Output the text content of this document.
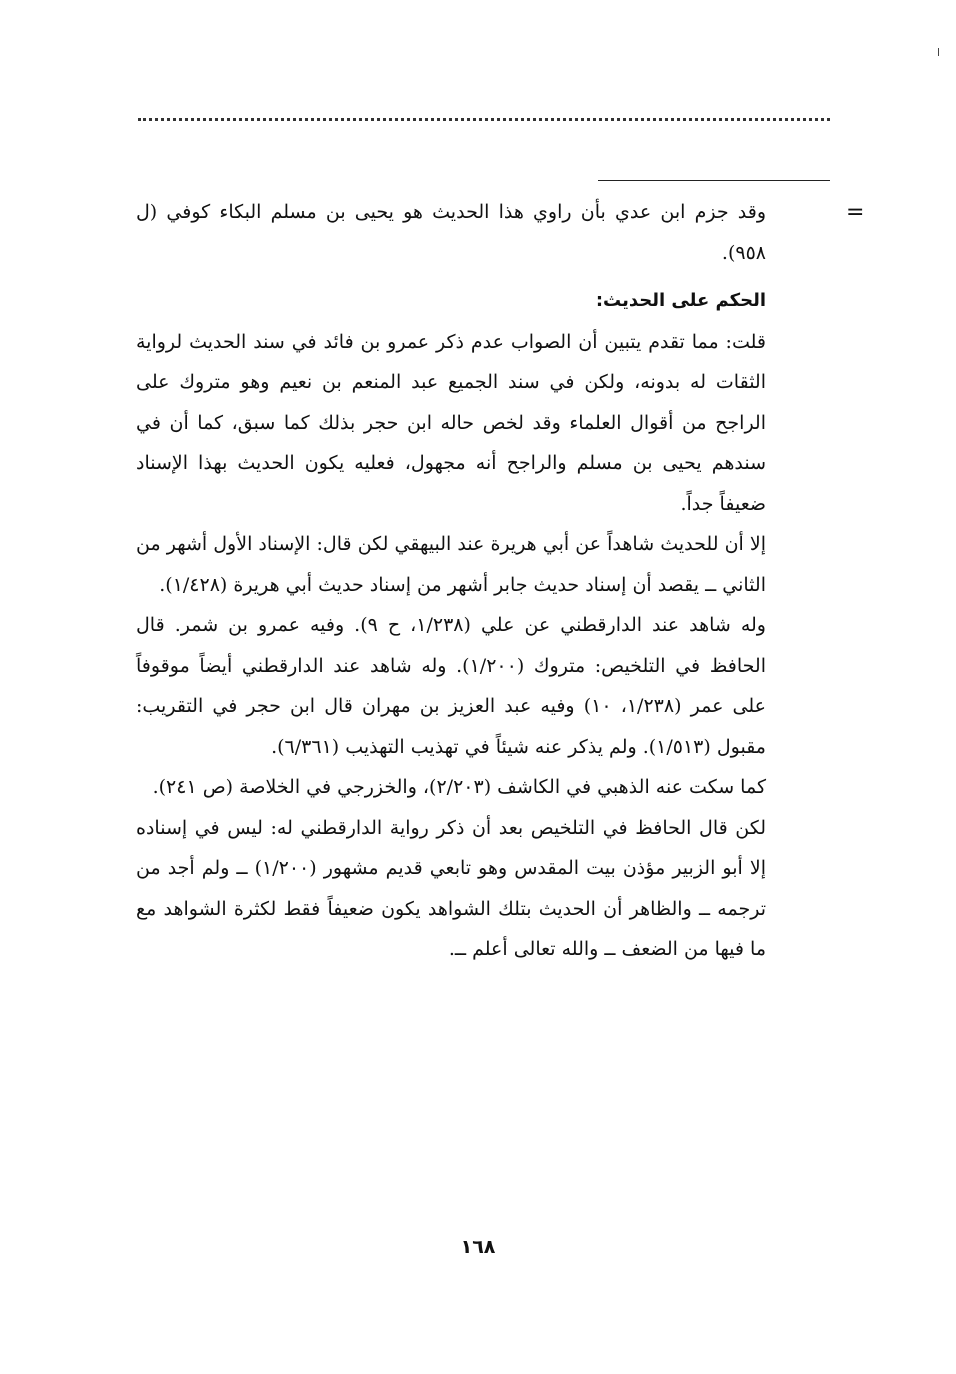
=

وقد جزم ابن عدي بأن راوي هذا الحديث هو يحيى بن مسلم البكاء كوفي (ل ٩٥٨).

الحكم على الحديث:

قلت: مما تقدم يتبين أن الصواب عدم ذكر عمرو بن فائد في سند الحديث لرواية الثقات له بدونه، ولكن في سند الجميع عبد المنعم بن نعيم وهو متروك على الراجح من أقوال العلماء وقد لخص حاله ابن حجر بذلك كما سبق، كما أن في سندهم يحيى بن مسلم والراجح أنه مجهول، فعليه يكون الحديث بهذا الإسناد ضعيفاً جداً.

إلا أن للحديث شاهداً عن أبي هريرة عند البيهقي لكن قال: الإسناد الأول أشهر من الثاني ــ يقصد أن إسناد حديث جابر أشهر من إسناد حديث أبي هريرة (١/٤٢٨).

وله شاهد عند الدارقطني عن علي (١/٢٣٨، ح ٩). وفيه عمرو بن شمر. قال الحافظ في التلخيص: متروك (١/٢٠٠). وله شاهد عند الدارقطني أيضاً موقوفاً على عمر (١/٢٣٨، ١٠) وفيه عبد العزيز بن مهران قال ابن حجر في التقريب: مقبول (١/٥١٣). ولم يذكر عنه شيئاً في تهذيب التهذيب (٦/٣٦١).

كما سكت عنه الذهبي في الكاشف (٢/٢٠٣)، والخزرجي في الخلاصة (ص ٢٤١).

لكن قال الحافظ في التلخيص بعد أن ذكر رواية الدارقطني له: ليس في إسناده إلا أبو الزبير مؤذن بيت المقدس وهو تابعي قديم مشهور (١/٢٠٠) ــ ولم أجد من ترجمه ــ والظاهر أن الحديث بتلك الشواهد يكون ضعيفاً فقط لكثرة الشواهد مع ما فيها من الضعف ــ والله تعالى أعلم ــ.

١٦٨
